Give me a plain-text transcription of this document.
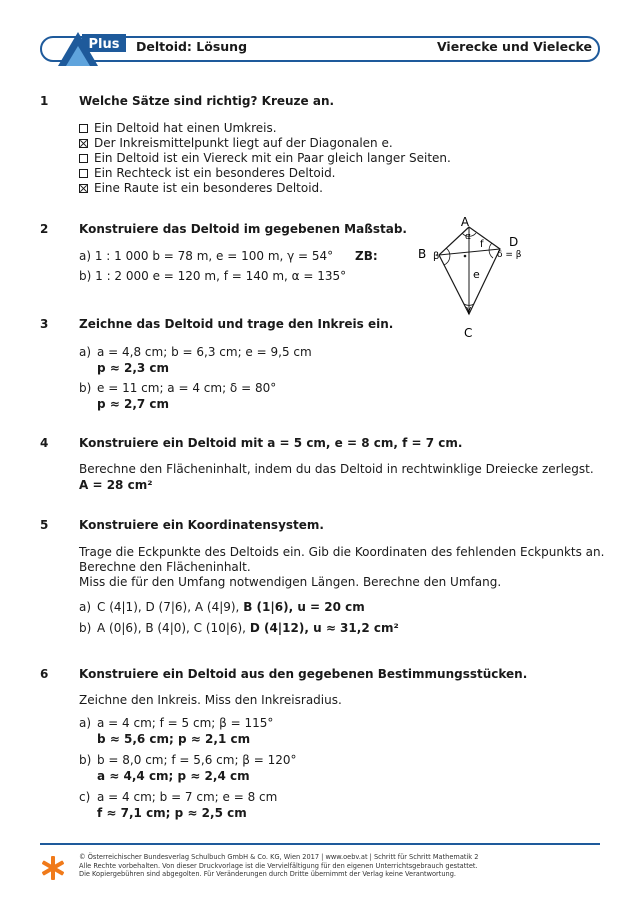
Plus Deltoid: Lösung	Vierecke und Vielecke
1	Welche Sätze sind richtig? Kreuze an.
Ein Deltoid hat einen Umkreis.
Der Inkreismittelpunkt liegt auf der Diagonalen e.
Ein Deltoid ist ein Viereck mit ein Paar gleich langer Seiten.
Ein Rechteck ist ein besonderes Deltoid.
Eine Raute ist ein besonderes Deltoid.
2	Konstruiere das Deltoid im gegebenen Maßstab.
a) 1 : 1 000 b = 78 m, e = 100 m, γ = 54° ZB:
b) 1 : 2 000 e = 120 m, f = 140 m, α = 135°
A
B
C
D
α
β
γ
δ = β
e
f
3	Zeichne das Deltoid und trage den Inkreis ein.
a) a = 4,8 cm; b = 6,3 cm; e = 9,5 cm
p ≈ 2,3 cm
b) e = 11 cm; a = 4 cm; δ = 80°
p ≈ 2,7 cm
4	Konstruiere ein Deltoid mit a = 5 cm, e = 8 cm, f = 7 cm.
Berechne den Flächeninhalt, indem du das Deltoid in rechtwinklige Dreiecke zerlegst.
A = 28 cm²
5	Konstruiere ein Koordinatensystem.
Trage die Eckpunkte des Deltoids ein. Gib die Koordinaten des fehlenden Eckpunkts an.
Berechne den Flächeninhalt.
Miss die für den Umfang notwendigen Längen. Berechne den Umfang.
a) C (4|1), D (7|6), A (4|9), B (1|6), u = 20 cm
b) A (0|6), B (4|0), C (10|6), D (4|12), u ≈ 31,2 cm²
6	Konstruiere ein Deltoid aus den gegebenen Bestimmungsstücken.
Zeichne den Inkreis. Miss den Inkreisradius.
a) a = 4 cm; f = 5 cm; β = 115°
b ≈ 5,6 cm; p ≈ 2,1 cm
b) b = 8,0 cm; f = 5,6 cm; β = 120°
a ≈ 4,4 cm; p ≈ 2,4 cm
c) a = 4 cm; b = 7 cm; e = 8 cm
f ≈ 7,1 cm; p ≈ 2,5 cm
© Österreichischer Bundesverlag Schulbuch GmbH & Co. KG, Wien 2017 | www.oebv.at | Schritt für Schritt Mathematik 2
Alle Rechte vorbehalten. Von dieser Druckvorlage ist die Vervielfältigung für den eigenen Unterrichtsgebrauch gestattet.
Die Kopiergebühren sind abgegolten. Für Veränderungen durch Dritte übernimmt der Verlag keine Verantwortung.
